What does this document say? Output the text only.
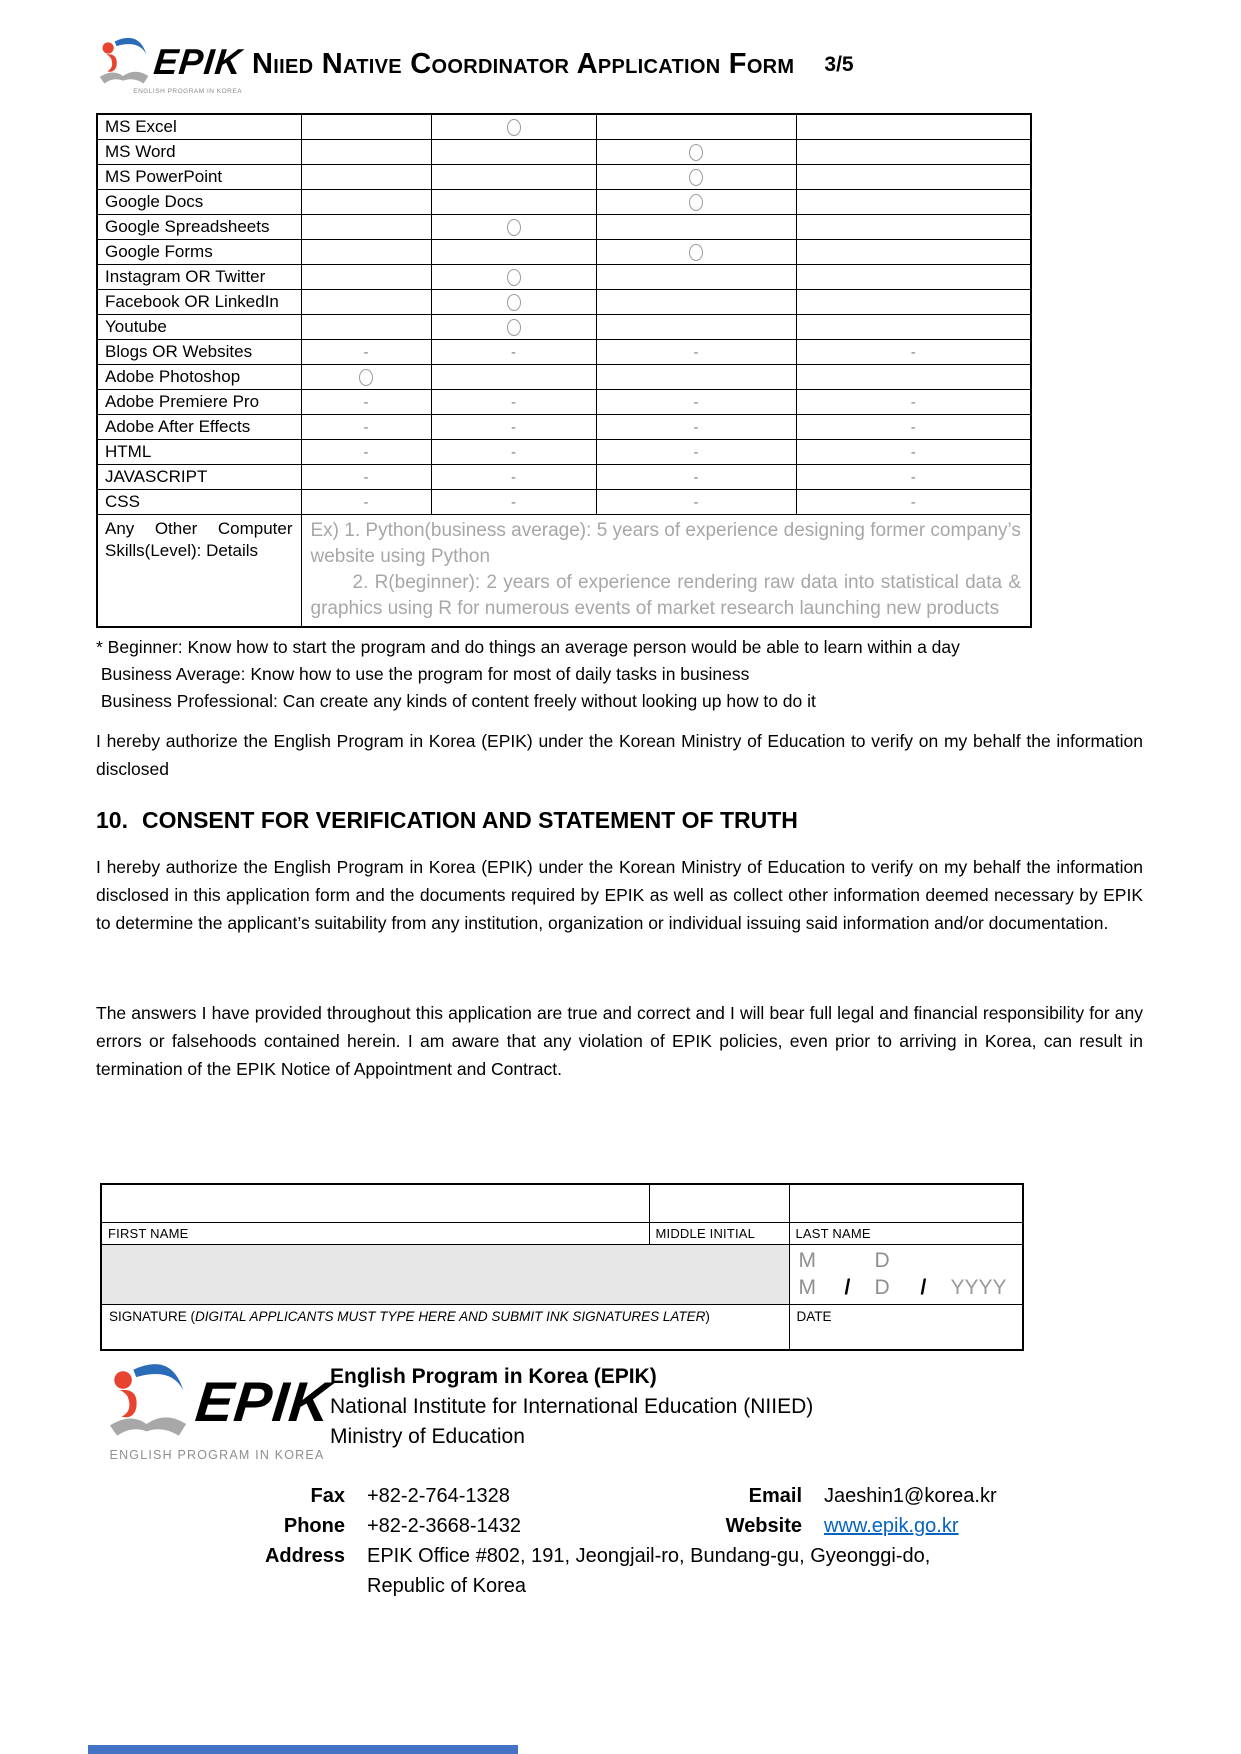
EPIK
ENGLISH PROGRAM IN KOREA
Niied Native Coordinator Application Form 3/5
MS Excel				
MS Word				
MS PowerPoint				
Google Docs				
Google Spreadsheets				
Google Forms				
Instagram OR Twitter				
Facebook OR LinkedIn				
Youtube				
Blogs OR Websites	-	-	-	-
Adobe Photoshop				
Adobe Premiere Pro	-	-	-	-
Adobe After Effects	-	-	-	-
HTML	-	-	-	-
JAVASCRIPT	-	-	-	-
CSS	-	-	-	-

Any Other Computer Skills(Level): Details	Ex) 1. Python(business average): 5 years of experience designing former company’s
website using Python
2. R(beginner): 2 years of experience rendering raw data into statistical data &
graphics using R for numerous events of market research launching new products			
* Beginner: Know how to start the program and do things an average person would be able to learn within a day
Business Average: Know how to use the program for most of daily tasks in business
Business Professional: Can create any kinds of content freely without looking up how to do it
I hereby authorize the English Program in Korea (EPIK) under the Korean Ministry of Education to verify on my behalf the information disclosed
10. CONSENT FOR VERIFICATION AND STATEMENT OF TRUTH
I hereby authorize the English Program in Korea (EPIK) under the Korean Ministry of Education to verify on my behalf the information disclosed in this application form and the documents required by EPIK as well as collect other information deemed necessary by EPIK to determine the applicant’s suitability from any institution, organization or individual issuing said information and/or documentation.
The answers I have provided throughout this application are true and correct and I will bear full legal and financial responsibility for any errors or falsehoods contained herein. I am aware that any violation of EPIK policies, even prior to arriving in Korea, can result in termination of the EPIK Notice of Appointment and Contract.

FIRST NAME	MIDDLE INITIAL	LAST NAME

		M D
M / D / YYYY

SIGNATURE (DIGITAL APPLICANTS MUST TYPE HERE AND SUBMIT INK SIGNATURES LATER)		DATE
EPIK
ENGLISH PROGRAM IN KOREA
English Program in Korea (EPIK)
National Institute for International Education (NIIED)
Ministry of Education
Fax +82-2-764-1328	Email Jaeshin1@korea.kr
Phone +82-2-3668-1432	Website www.epik.go.kr
Address EPIK Office #802, 191, Jeongjail-ro, Bundang-gu, Gyeonggi-do,
Republic of Korea
